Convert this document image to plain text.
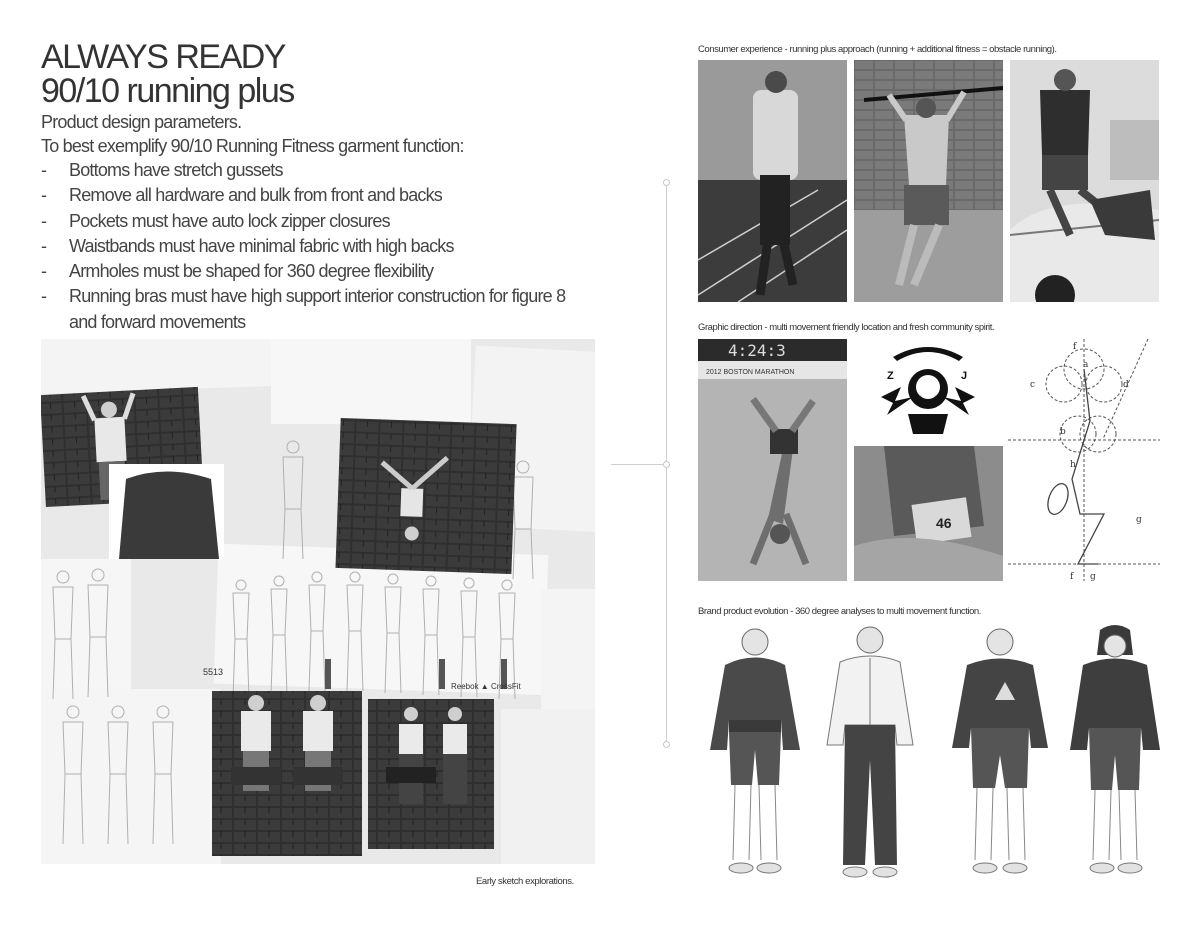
ALWAYS READY
90/10 running plus
Product design parameters.
To best exemplify 90/10 Running Fitness garment function:
- Bottoms have stretch gussets
- Remove all hardware and bulk from front and backs
- Pockets must have auto lock zipper closures
- Waistbands must have minimal fabric with high backs
- Armholes must be shaped for 360 degree flexibility
- Running bras must have high support interior construction for figure 8 and forward movements
5513
Reebok ▲ CrossFit
Early sketch explorations.
Consumer experience - running plus approach (running + additional fitness = obstacle running).
Graphic direction - multi movement friendly location and fresh community spirit.
4:24:3
2012 BOSTON MARATHON	Z	J
46
f
a
c	d
b
h
g
f g
Brand product evolution - 360 degree analyses to multi movement function.
